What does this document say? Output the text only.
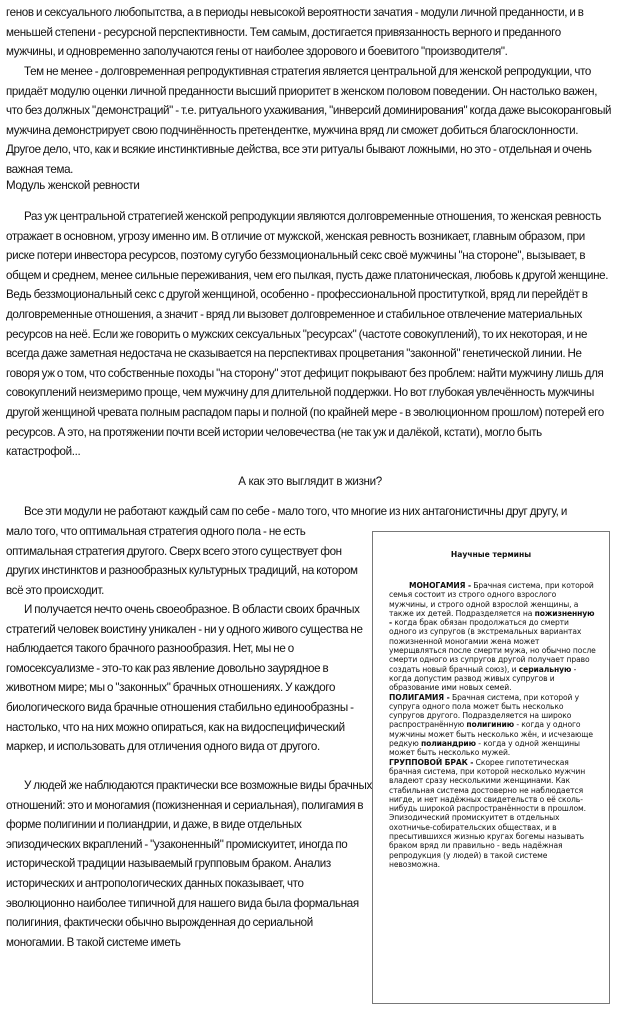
генов и сексуального любопытства, а в периоды невысокой вероятности зачатия - модули личной преданности, и в меньшей степени - ресурсной перспективности. Тем самым, достигается привязанность верного и преданного мужчины, и одновременно заполучаются гены от наиболее здорового и боевитого "производителя".

Тем не менее - долговременная репродуктивная стратегия является центральной для женской репродукции, что придаёт модулю оценки личной преданности высший приоритет в женском половом поведении. Он настолько важен, что без должных "демонстраций" - т.е. ритуального ухаживания, "инверсий доминирования" когда даже высокоранговый мужчина демонстрирует свою подчинённость претендентке, мужчина вряд ли сможет добиться благосклонности. Другое дело, что, как и всякие инстинктивные действа, все эти ритуалы бывают ложными, но это - отдельная и очень важная тема.

Модуль женской ревности

Раз уж центральной стратегией женской репродукции являются долговременные отношения, то женская ревность отражает в основном, угрозу именно им. В отличие от мужской, женская ревность возникает, главным образом, при риске потери инвестора ресурсов, поэтому сугубо беззмоциональный секс своё мужчины "на стороне", вызывает, в общем и среднем, менее сильные переживания, чем его пылкая, пусть даже платоническая, любовь к другой женщине. Ведь беззмоциональный секс с другой женщиной, особенно - профессиональной проституткой, вряд ли перейдёт в долговременные отношения, а значит - вряд ли вызовет долговременное и стабильное отвлечение материальных ресурсов на неё. Если же говорить о мужских сексуальных "ресурсах" (частоте совокуплений), то их некоторая, и не всегда даже заметная недостача не сказывается на перспективах процветания "законной" генетической линии. Не говоря уж о том, что собственные походы "на сторону" этот дефицит покрывают без проблем: найти мужчину лишь для совокуплений неизмеримо проще, чем мужчину для длительной поддержки. Но вот глубокая увлечённость мужчины другой женщиной чревата полным распадом пары и полной (по крайней мере - в эволюционном прошлом) потерей его ресурсов. А это, на протяжении почти всей истории человечества (не так уж и далёкой, кстати), могло быть катастрофой...

А как это выглядит в жизни?

Все эти модули не работают каждый сам по себе - мало того, что многие из них антагонистичны друг другу, и

мало того, что оптимальная стратегия одного пола - не есть оптимальная стратегия другого. Сверх всего этого существует фон других инстинктов и разнообразных культурных традиций, на котором всё это происходит.

И получается нечто очень своеобразное. В области своих брачных стратегий человек воистину уникален - ни у одного живого существа не наблюдается такого брачного разнообразия. Нет, мы не о гомосексуализме - это-то как раз явление довольно заурядное в животном мире; мы о "законных" брачных отношениях. У каждого биологического вида брачные отношения стабильно единообразны - настолько, что на них можно опираться, как на видоспецифический маркер, и использовать для отличения одного вида от другого.

У людей же наблюдаются практически все возможные виды брачных отношений: это и моногамия (пожизненная и сериальная), полигамия в форме полигинии и полиандрии, и даже, в виде отдельных эпизодических вкраплений - "узаконенный" промискуитет, иногда по исторической традиции называемый групповым браком. Анализ исторических и антропологических данных показывает, что эволюционно наиболее типичной для нашего вида была формальная полигиния, фактически обычно вырожденная до сериальной моногамии. В такой системе иметь

Научные термины

МОНОГАМИЯ - Брачная система, при которой семья состоит из строго одного взрослого мужчины, и строго одной взрослой женщины, а также их детей. Подразделяется на пожизненную - когда брак обязан продолжаться до смерти одного из супругов (в экстремальных вариантах пожизненной моногамии жена может умерщвляться после смерти мужа, но обычно после смерти одного из супругов другой получает право создать новый брачный союз), и сериальную - когда допустим развод живых супругов и образование ими новых семей.

ПОЛИГАМИЯ - Брачная система, при которой у супруга одного пола может быть несколько супругов другого. Подразделяется на широко распространённую полигинию - когда у одного мужчины может быть несколько жён, и исчезающе редкую полиандрию - когда у одной женщины может быть несколько мужей.

ГРУППОВОЙ БРАК - Скорее гипотетическая брачная система, при которой несколько мужчин владеют сразу несколькими женщинами. Как стабильная система достоверно не наблюдается нигде, и нет надёжных свидетельств о её сколь-нибудь широкой распространённости в прошлом. Эпизодический промискуитет в отдельных охотничье-собирательских обществах, и в пресытившихся жизнью кругах богемы называть браком вряд ли правильно - ведь надёжная репродукция (у людей) в такой системе невозможна.
